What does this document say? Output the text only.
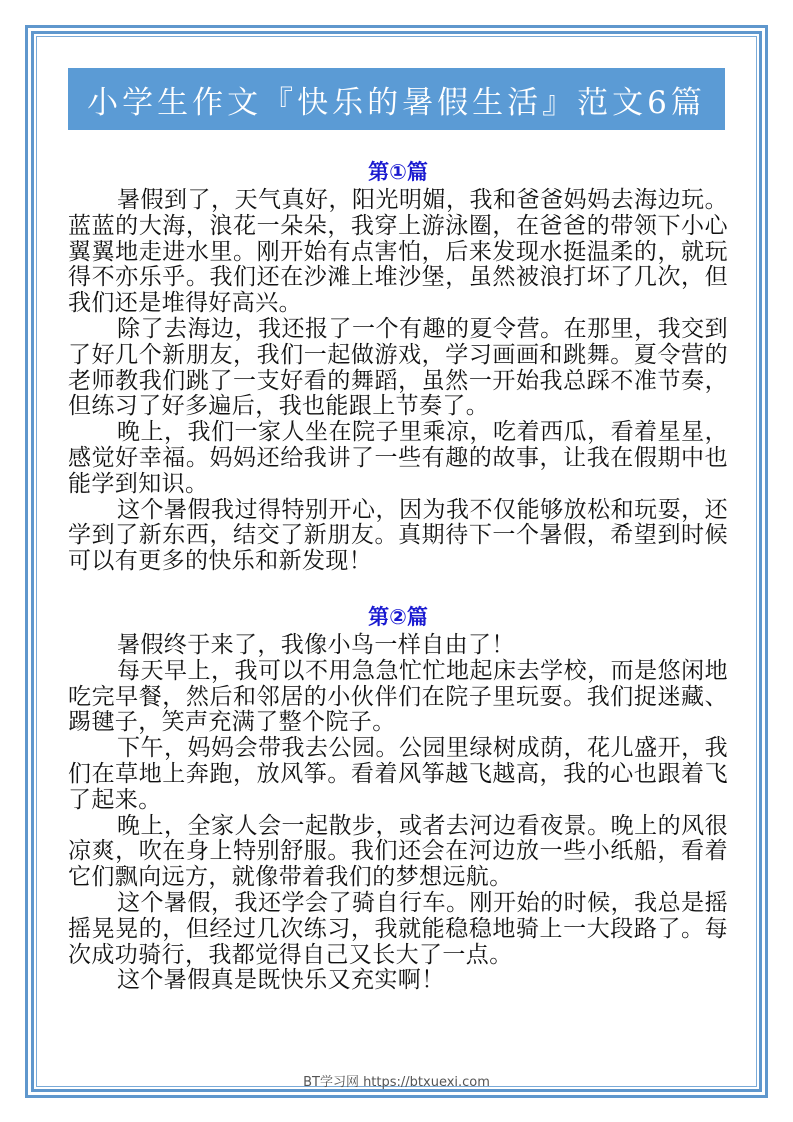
小学生作文『快乐的暑假生活』范文6篇
第①篇

暑假到了，天气真好，阳光明媚，我和爸爸妈妈去海边玩。蓝蓝的大海，浪花一朵朵，我穿上游泳圈，在爸爸的带领下小心翼翼地走进水里。刚开始有点害怕，后来发现水挺温柔的，就玩得不亦乐乎。我们还在沙滩上堆沙堡，虽然被浪打坏了几次，但我们还是堆得好高兴。

除了去海边，我还报了一个有趣的夏令营。在那里，我交到了好几个新朋友，我们一起做游戏，学习画画和跳舞。夏令营的老师教我们跳了一支好看的舞蹈，虽然一开始我总踩不准节奏，但练习了好多遍后，我也能跟上节奏了。

晚上，我们一家人坐在院子里乘凉，吃着西瓜，看着星星，感觉好幸福。妈妈还给我讲了一些有趣的故事，让我在假期中也能学到知识。

这个暑假我过得特别开心，因为我不仅能够放松和玩耍，还学到了新东西，结交了新朋友。真期待下一个暑假，希望到时候可以有更多的快乐和新发现！

第②篇

暑假终于来了，我像小鸟一样自由了！

每天早上，我可以不用急急忙忙地起床去学校，而是悠闲地吃完早餐，然后和邻居的小伙伴们在院子里玩耍。我们捉迷藏、踢毽子，笑声充满了整个院子。

下午，妈妈会带我去公园。公园里绿树成荫，花儿盛开，我们在草地上奔跑，放风筝。看着风筝越飞越高，我的心也跟着飞了起来。

晚上，全家人会一起散步，或者去河边看夜景。晚上的风很凉爽，吹在身上特别舒服。我们还会在河边放一些小纸船，看着它们飘向远方，就像带着我们的梦想远航。

这个暑假，我还学会了骑自行车。刚开始的时候，我总是摇摇晃晃的，但经过几次练习，我就能稳稳地骑上一大段路了。每次成功骑行，我都觉得自己又长大了一点。

这个暑假真是既快乐又充实啊！

BT学习网 https://btxuexi.com
